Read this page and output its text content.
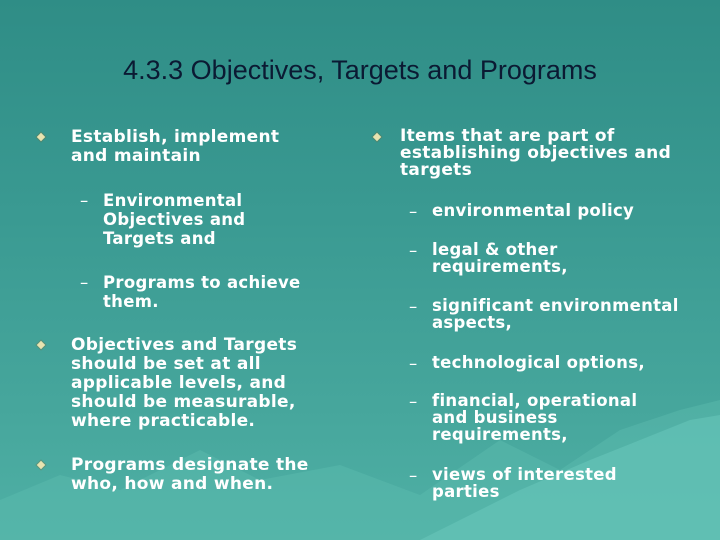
4.3.3 Objectives, Targets and Programs
Establish, implement and maintain
– Environmental Objectives and Targets and
– Programs to achieve them.
Objectives and Targets should be set at all applicable levels, and should be measurable, where practicable.
Programs designate the who, how and when.
Items that are part of establishing objectives and targets
– environmental policy
– legal & other requirements,
– significant environmental aspects,
– technological options,
– financial, operational and business requirements,
– views of interested parties
